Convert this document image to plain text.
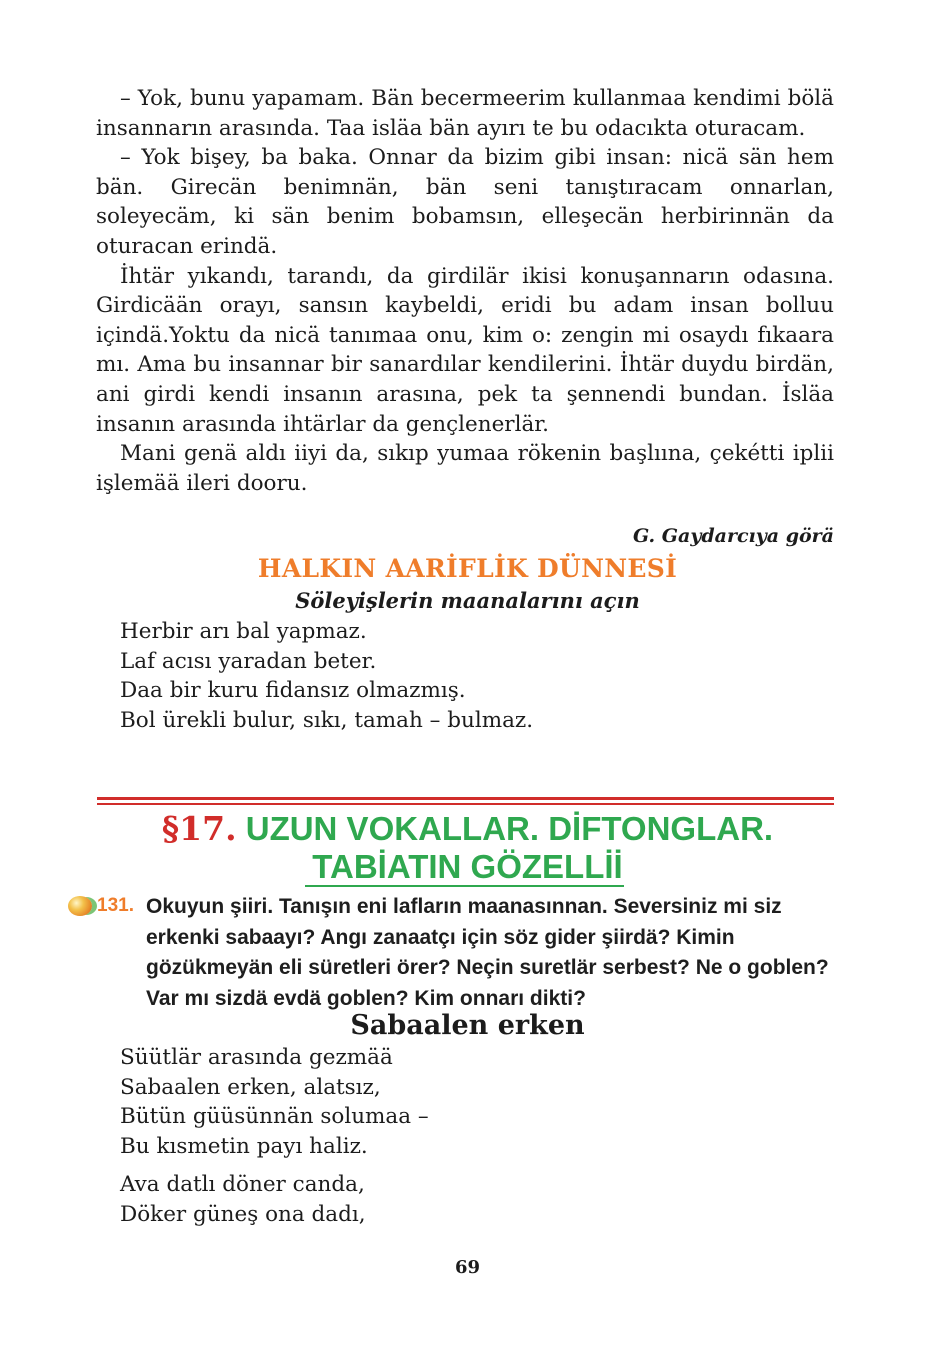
– Yok, bunu yapamam. Bän becermeerim kullanmaa kendimi bölä insannarın arasında. Taa isläa bän ayırı te bu odacıkta oturacam.

– Yok bişey, ba baka. Onnar da bizim gibi insan: nicä sän hem bän. Girecän benimnän, bän seni tanıştıracam onnarlan, soleyecäm, ki sän benim bobamsın, elleşecän herbirinnän da oturacan erindä.

İhtär yıkandı, tarandı, da girdilär ikisi konuşannarın odasına. Girdicään orayı, sansın kaybeldi, eridi bu adam insan bolluu içindä.Yoktu da nicä tanımaa onu, kim o: zengin mi osaydı fıkaara mı. Ama bu insannar bir sanardılar kendilerini. İhtär duydu birdän, ani girdi kendi insanın arasına, pek ta şennendi bundan. İsläa insanın arasında ihtärlar da gençlenerlär.

Mani genä aldı iiyi da, sıkıp yumaa rökenin başlıına, çekétti iplii işlemää ileri dooru.

G. Gaydarcıya görä
HALKIN AARİFLİK DÜNNESİ
Söleyişlerin maanalarını açın
Herbir arı bal yapmaz.
Laf acısı yaradan beter.
Daa bir kuru fidansız olmazmış.
Bol ürekli bulur, sıkı, tamah – bulmaz.
§17. UZUN VOKALLAR. DİFTONGLAR.
TABİATIN GÖZELLİİ
131. Okuyun şiiri. Tanışın eni lafların maanasınnan. Seversiniz mi siz erkenki sabaayı? Angı zanaatçı için söz gider şiirdä? Kimin gözükmeyän eli süretleri örer? Neçin suretlär serbest? Ne o goblen? Var mı sizdä evdä goblen? Kim onnarı dikti?
Sabaalen erken
Süütlär arasında gezmää
Sabaalen erken, alatsız,
Bütün güüsünnän solumaa –
Bu kısmetin payı haliz.
Ava datlı döner canda,
Döker güneş ona dadı,
69
